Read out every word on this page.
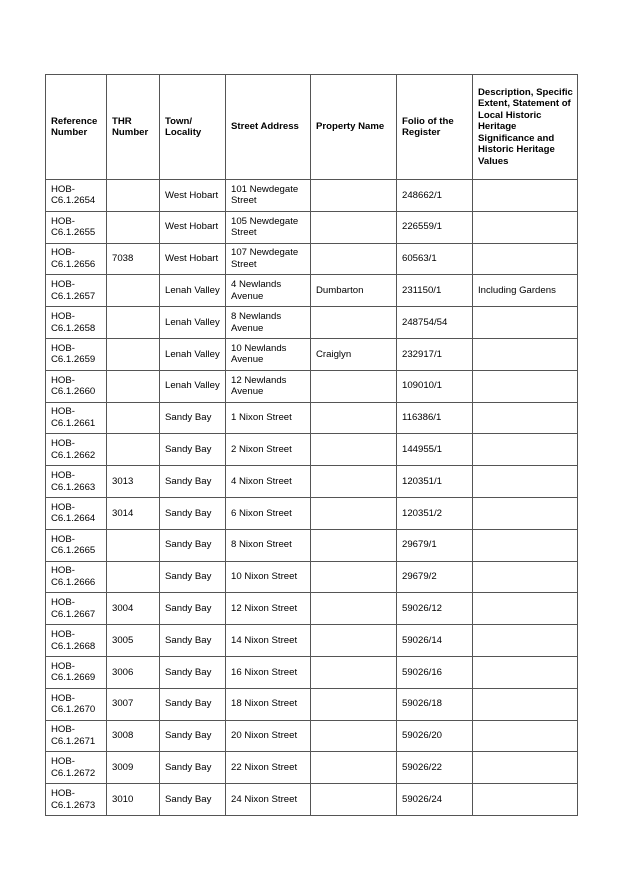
Reference Number	THR Number	Town/ Locality	Street Address	Property Name	Folio of the Register	Description, Specific Extent, Statement of Local Historic Heritage Significance and Historic Heritage Values
HOB-C6.1.2654		West Hobart	101 Newdegate Street		248662/1	
HOB-C6.1.2655		West Hobart	105 Newdegate Street		226559/1	
HOB-C6.1.2656	7038	West Hobart	107 Newdegate Street		60563/1	
HOB-C6.1.2657		Lenah Valley	4 Newlands Avenue	Dumbarton	231150/1	Including Gardens
HOB-C6.1.2658		Lenah Valley	8 Newlands Avenue		248754/54	
HOB-C6.1.2659		Lenah Valley	10 Newlands Avenue	Craiglyn	232917/1	
HOB-C6.1.2660		Lenah Valley	12 Newlands Avenue		109010/1	
HOB-C6.1.2661		Sandy Bay	1 Nixon Street		116386/1	
HOB-C6.1.2662		Sandy Bay	2 Nixon Street		144955/1	
HOB-C6.1.2663	3013	Sandy Bay	4 Nixon Street		120351/1	
HOB-C6.1.2664	3014	Sandy Bay	6 Nixon Street		120351/2	
HOB-C6.1.2665		Sandy Bay	8 Nixon Street		29679/1	
HOB-C6.1.2666		Sandy Bay	10 Nixon Street		29679/2	
HOB-C6.1.2667	3004	Sandy Bay	12 Nixon Street		59026/12	
HOB-C6.1.2668	3005	Sandy Bay	14 Nixon Street		59026/14	
HOB-C6.1.2669	3006	Sandy Bay	16 Nixon Street		59026/16	
HOB-C6.1.2670	3007	Sandy Bay	18 Nixon Street		59026/18	
HOB-C6.1.2671	3008	Sandy Bay	20 Nixon Street		59026/20	
HOB-C6.1.2672	3009	Sandy Bay	22 Nixon Street		59026/22	
HOB-C6.1.2673	3010	Sandy Bay	24 Nixon Street		59026/24	
